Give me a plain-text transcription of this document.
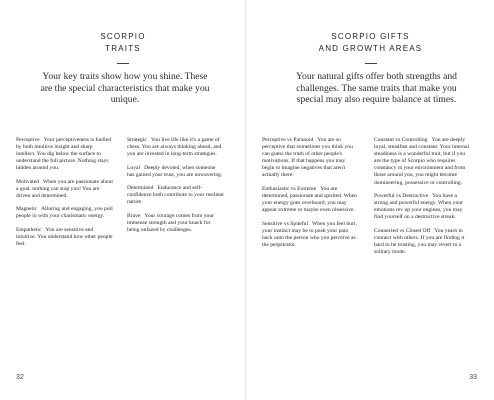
SCORPIO
TRAITS
Your key traits show how you shine. These are the special characteristics that make you unique.

Perceptive Your perceptiveness is fuelled by both intuitive insight and sharp intellect. You dig below the surface to understand the full picture. Nothing stays hidden around you.

Motivated When you are passionate about a goal, nothing can stop you! You are driven and determined.

Magnetic Alluring and engaging, you pull people in with your charismatic energy.

Empathetic You are sensitive and intuitive. You understand how other people feel.

Strategic You live life like it's a game of chess. You are always thinking ahead, and you are invested in long-term strategies.

Loyal Deeply devoted, when someone has gained your trust, you are unwavering.

Determined Endurance and self-confidence both contribute to your resilient nature.

Brave Your courage comes from your immense strength and your knack for being unfazed by challenges.

32
SCORPIO GIFTS
AND GROWTH AREAS
Your natural gifts offer both strengths and challenges. The same traits that make you special may also require balance at times.

Perceptive vs Paranoid You are so perceptive that sometimes you think you can guess the truth of other people's motivations. If that happens you may begin to imagine negatives that aren't actually there.

Enthusiastic vs Extreme You are determined, passionate and spirited. When your energy goes overboard, you may appear extreme or maybe even obsessive.

Sensitive vs Spiteful When you feel hurt, your instinct may be to push your pain back onto the person who you perceive as the perpetrator.

Constant vs Controlling You are deeply loyal, steadfast and constant. Your internal steadiness is a wonderful trait, but if you are the type of Scorpio who requires constancy in your environment and from those around you, you might become domineering, possessive or controlling.

Powerful vs Destructive You have a strong and powerful energy. When your emotions rev up your engines, you may find yourself on a destructive streak.

Connected vs Closed Off You yearn to connect with others. If you are finding it hard to be trusting, you may revert to a solitary mode.

33
